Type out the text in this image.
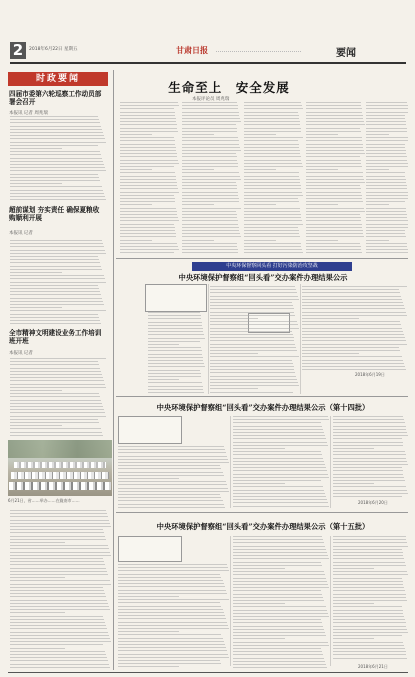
2	2018年6月22日 星期五	甘肃日报	要闻
时政要闻
四届市委第六轮巡察工作动员部署会召开
本报讯 记者 周兆瑞
超前谋划 夯实责任 确保夏粮收购顺利开展
本报讯 记者
全市精神文明建设业务工作培训班开班
本报讯 记者
6月21日，省……举办……在陇南市……
生命至上　安全发展
本报评论员 周兆瑞
中央环保督察回头看 打好污染防治攻坚战
中央环境保护督察组“回头看”交办案件办理结果公示
2018年6月19日
中央环境保护督察组“回头看”交办案件办理结果公示（第十四批）
2018年6月20日
中央环境保护督察组“回头看”交办案件办理结果公示（第十五批）
2018年6月21日
